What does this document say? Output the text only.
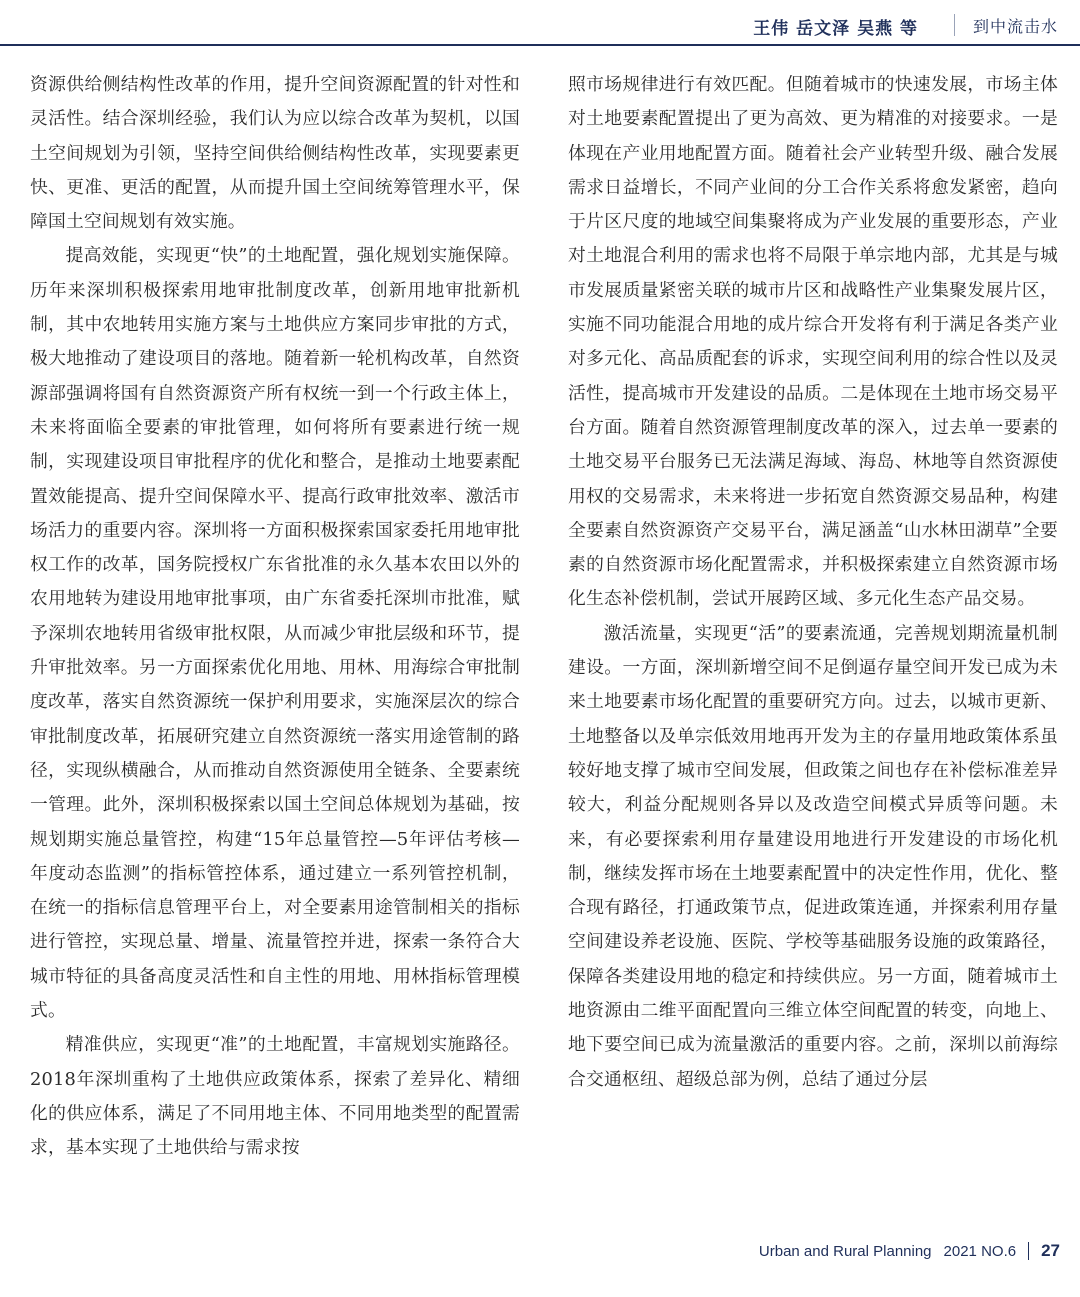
王伟 岳文泽 吴燕 等	到中流击水

资源供给侧结构性改革的作用，提升空间资源配置的针对性和灵活性。结合深圳经验，我们认为应以综合改革为契机，以国土空间规划为引领，坚持空间供给侧结构性改革，实现要素更快、更准、更活的配置，从而提升国土空间统筹管理水平，保障国土空间规划有效实施。

提高效能，实现更“快”的土地配置，强化规划实施保障。历年来深圳积极探索用地审批制度改革，创新用地审批新机制，其中农地转用实施方案与土地供应方案同步审批的方式，极大地推动了建设项目的落地。随着新一轮机构改革，自然资源部强调将国有自然资源资产所有权统一到一个行政主体上，未来将面临全要素的审批管理，如何将所有要素进行统一规制，实现建设项目审批程序的优化和整合，是推动土地要素配置效能提高、提升空间保障水平、提高行政审批效率、激活市场活力的重要内容。深圳将一方面积极探索国家委托用地审批权工作的改革，国务院授权广东省批准的永久基本农田以外的农用地转为建设用地审批事项，由广东省委托深圳市批准，赋予深圳农地转用省级审批权限，从而减少审批层级和环节，提升审批效率。另一方面探索优化用地、用林、用海综合审批制度改革，落实自然资源统一保护利用要求，实施深层次的综合审批制度改革，拓展研究建立自然资源统一落实用途管制的路径，实现纵横融合，从而推动自然资源使用全链条、全要素统一管理。此外，深圳积极探索以国土空间总体规划为基础，按规划期实施总量管控，构建“15年总量管控—5年评估考核—年度动态监测”的指标管控体系，通过建立一系列管控机制，在统一的指标信息管理平台上，对全要素用途管制相关的指标进行管控，实现总量、增量、流量管控并进，探索一条符合大城市特征的具备高度灵活性和自主性的用地、用林指标管理模式。

精准供应，实现更“准”的土地配置，丰富规划实施路径。2018年深圳重构了土地供应政策体系，探索了差异化、精细化的供应体系，满足了不同用地主体、不同用地类型的配置需求，基本实现了土地供给与需求按

照市场规律进行有效匹配。但随着城市的快速发展，市场主体对土地要素配置提出了更为高效、更为精准的对接要求。一是体现在产业用地配置方面。随着社会产业转型升级、融合发展需求日益增长，不同产业间的分工合作关系将愈发紧密，趋向于片区尺度的地域空间集聚将成为产业发展的重要形态，产业对土地混合利用的需求也将不局限于单宗地内部，尤其是与城市发展质量紧密关联的城市片区和战略性产业集聚发展片区，实施不同功能混合用地的成片综合开发将有利于满足各类产业对多元化、高品质配套的诉求，实现空间利用的综合性以及灵活性，提高城市开发建设的品质。二是体现在土地市场交易平台方面。随着自然资源管理制度改革的深入，过去单一要素的土地交易平台服务已无法满足海域、海岛、林地等自然资源使用权的交易需求，未来将进一步拓宽自然资源交易品种，构建全要素自然资源资产交易平台，满足涵盖“山水林田湖草”全要素的自然资源市场化配置需求，并积极探索建立自然资源市场化生态补偿机制，尝试开展跨区域、多元化生态产品交易。

激活流量，实现更“活”的要素流通，完善规划期流量机制建设。一方面，深圳新增空间不足倒逼存量空间开发已成为未来土地要素市场化配置的重要研究方向。过去，以城市更新、土地整备以及单宗低效用地再开发为主的存量用地政策体系虽较好地支撑了城市空间发展，但政策之间也存在补偿标准差异较大，利益分配规则各异以及改造空间模式异质等问题。未来，有必要探索利用存量建设用地进行开发建设的市场化机制，继续发挥市场在土地要素配置中的决定性作用，优化、整合现有路径，打通政策节点，促进政策连通，并探索利用存量空间建设养老设施、医院、学校等基础服务设施的政策路径，保障各类建设用地的稳定和持续供应。另一方面，随着城市土地资源由二维平面配置向三维立体空间配置的转变，向地上、地下要空间已成为流量激活的重要内容。之前，深圳以前海综合交通枢纽、超级总部为例，总结了通过分层

Urban and Rural Planning 2021 NO.6 27
